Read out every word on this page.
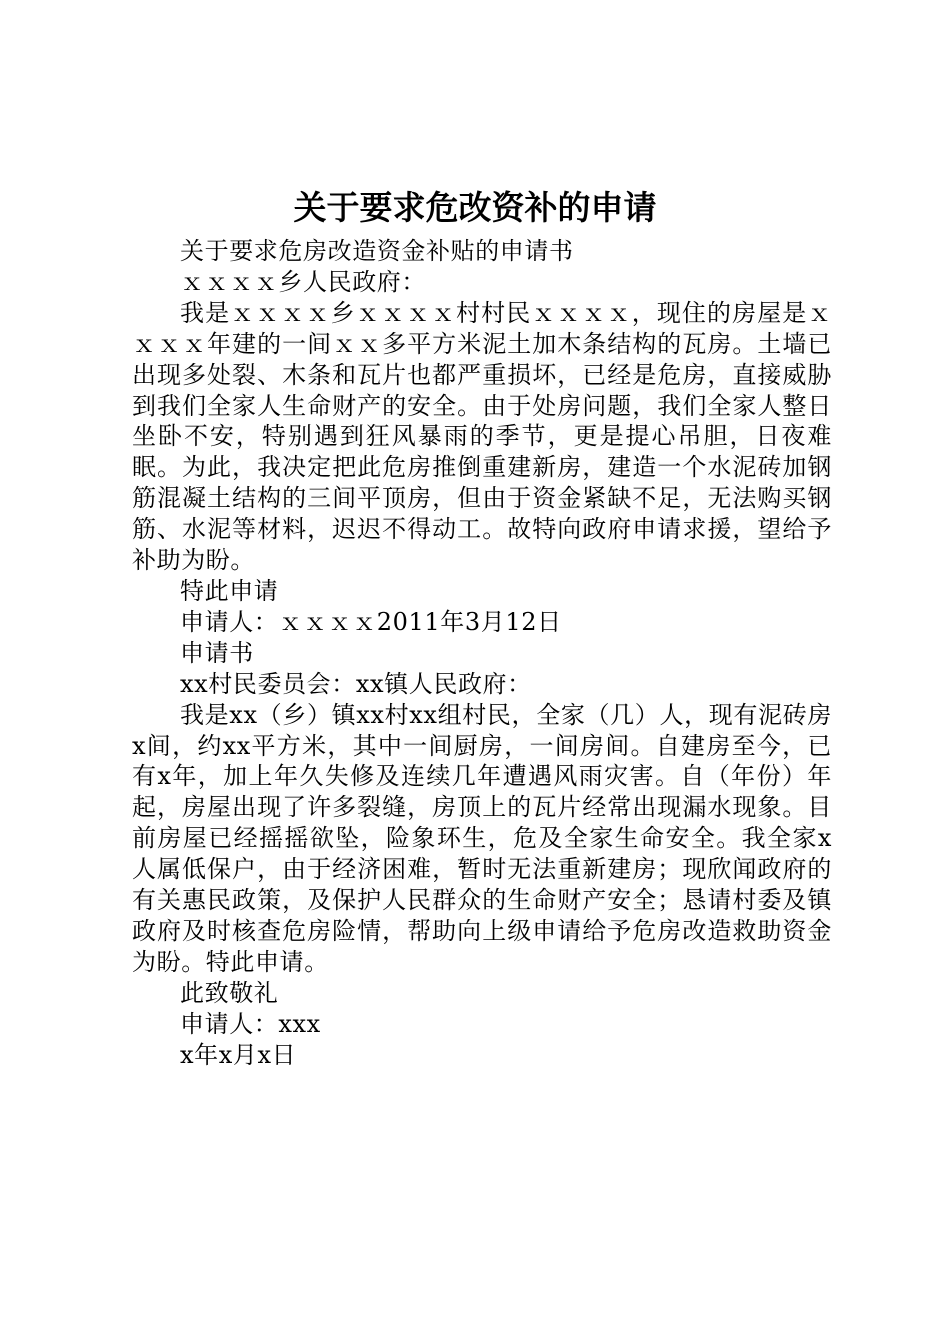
关于要求危改资补的申请

关于要求危房改造资金补贴的申请书

ｘｘｘｘ乡人民政府：

我是ｘｘｘｘ乡ｘｘｘｘ村村民ｘｘｘｘ，现住的房屋是ｘｘｘｘ年建的一间ｘｘ多平方米泥土加木条结构的瓦房。土墙已出现多处裂、木条和瓦片也都严重损坏，已经是危房，直接威胁到我们全家人生命财产的安全。由于处房问题，我们全家人整日坐卧不安，特别遇到狂风暴雨的季节，更是提心吊胆，日夜难眠。为此，我决定把此危房推倒重建新房，建造一个水泥砖加钢筋混凝土结构的三间平顶房，但由于资金紧缺不足，无法购买钢筋、水泥等材料，迟迟不得动工。故特向政府申请求援，望给予补助为盼。

特此申请

申请人：ｘｘｘｘ2011年3月12日

申请书

xx村民委员会：xx镇人民政府：

我是xx（乡）镇xx村xx组村民，全家（几）人，现有泥砖房x间，约xx平方米，其中一间厨房，一间房间。自建房至今，已有x年，加上年久失修及连续几年遭遇风雨灾害。自（年份）年起，房屋出现了许多裂缝，房顶上的瓦片经常出现漏水现象。目前房屋已经摇摇欲坠，险象环生，危及全家生命安全。我全家x人属低保户，由于经济困难，暂时无法重新建房；现欣闻政府的有关惠民政策，及保护人民群众的生命财产安全；恳请村委及镇政府及时核查危房险情，帮助向上级申请给予危房改造救助资金为盼。特此申请。

此致敬礼

申请人：xxx

x年x月x日
